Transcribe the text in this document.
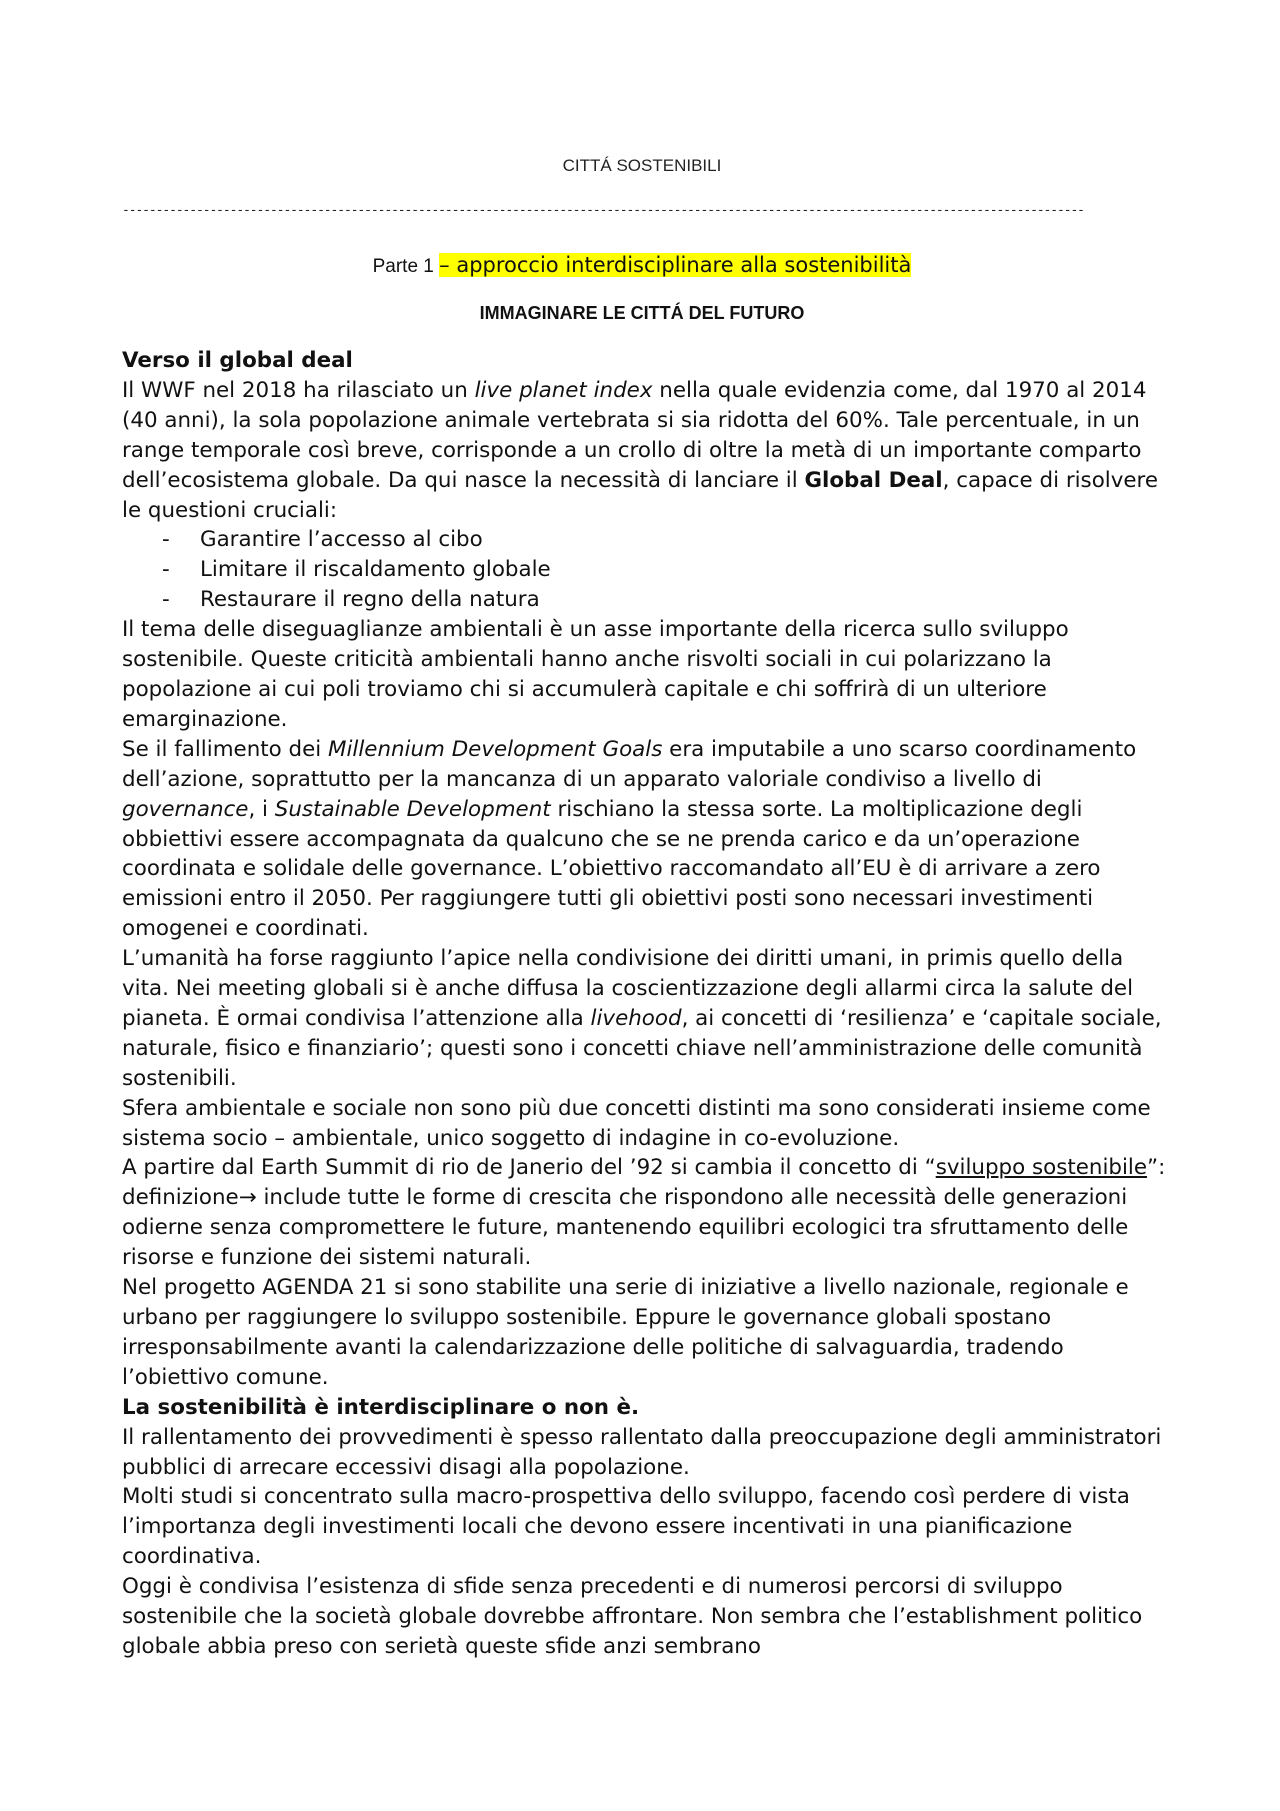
CITTÁ SOSTENIBILI
-----------------------------------------------------------------------------------------------------------------------------------------------
Parte 1 – approccio interdisciplinare alla sostenibilità
IMMAGINARE LE CITTÁ DEL FUTURO

Verso il global deal

Il WWF nel 2018 ha rilasciato un live planet index nella quale evidenzia come, dal 1970 al 2014 (40 anni), la sola popolazione animale vertebrata si sia ridotta del 60%. Tale percentuale, in un range temporale così breve, corrisponde a un crollo di oltre la metà di un importante comparto dell’ecosistema globale. Da qui nasce la necessità di lanciare il Global Deal, capace di risolvere le questioni cruciali:

- Garantire l’accesso al cibo
- Limitare il riscaldamento globale
- Restaurare il regno della natura

Il tema delle diseguaglianze ambientali è un asse importante della ricerca sullo sviluppo sostenibile. Queste criticità ambientali hanno anche risvolti sociali in cui polarizzano la popolazione ai cui poli troviamo chi si accumulerà capitale e chi soffrirà di un ulteriore emarginazione.

Se il fallimento dei Millennium Development Goals era imputabile a uno scarso coordinamento dell’azione, soprattutto per la mancanza di un apparato valoriale condiviso a livello di governance, i Sustainable Development rischiano la stessa sorte. La moltiplicazione degli obbiettivi essere accompagnata da qualcuno che se ne prenda carico e da un’operazione coordinata e solidale delle governance. L’obiettivo raccomandato all’EU è di arrivare a zero emissioni entro il 2050. Per raggiungere tutti gli obiettivi posti sono necessari investimenti omogenei e coordinati.

L’umanità ha forse raggiunto l’apice nella condivisione dei diritti umani, in primis quello della vita. Nei meeting globali si è anche diffusa la coscientizzazione degli allarmi circa la salute del pianeta. È ormai condivisa l’attenzione alla livehood, ai concetti di ‘resilienza’ e ‘capitale sociale, naturale, fisico e finanziario’; questi sono i concetti chiave nell’amministrazione delle comunità sostenibili.

Sfera ambientale e sociale non sono più due concetti distinti ma sono considerati insieme come sistema socio – ambientale, unico soggetto di indagine in co-evoluzione.

A partire dal Earth Summit di rio de Janerio del ’92 si cambia il concetto di “sviluppo sostenibile”: definizione→ include tutte le forme di crescita che rispondono alle necessità delle generazioni odierne senza compromettere le future, mantenendo equilibri ecologici tra sfruttamento delle risorse e funzione dei sistemi naturali.

Nel progetto AGENDA 21 si sono stabilite una serie di iniziative a livello nazionale, regionale e urbano per raggiungere lo sviluppo sostenibile. Eppure le governance globali spostano irresponsabilmente avanti la calendarizzazione delle politiche di salvaguardia, tradendo l’obiettivo comune.

La sostenibilità è interdisciplinare o non è.

Il rallentamento dei provvedimenti è spesso rallentato dalla preoccupazione degli amministratori pubblici di arrecare eccessivi disagi alla popolazione.

Molti studi si concentrato sulla macro-prospettiva dello sviluppo, facendo così perdere di vista l’importanza degli investimenti locali che devono essere incentivati in una pianificazione coordinativa.

Oggi è condivisa l’esistenza di sfide senza precedenti e di numerosi percorsi di sviluppo sostenibile che la società globale dovrebbe affrontare. Non sembra che l’establishment politico globale abbia preso con serietà queste sfide anzi sembrano
